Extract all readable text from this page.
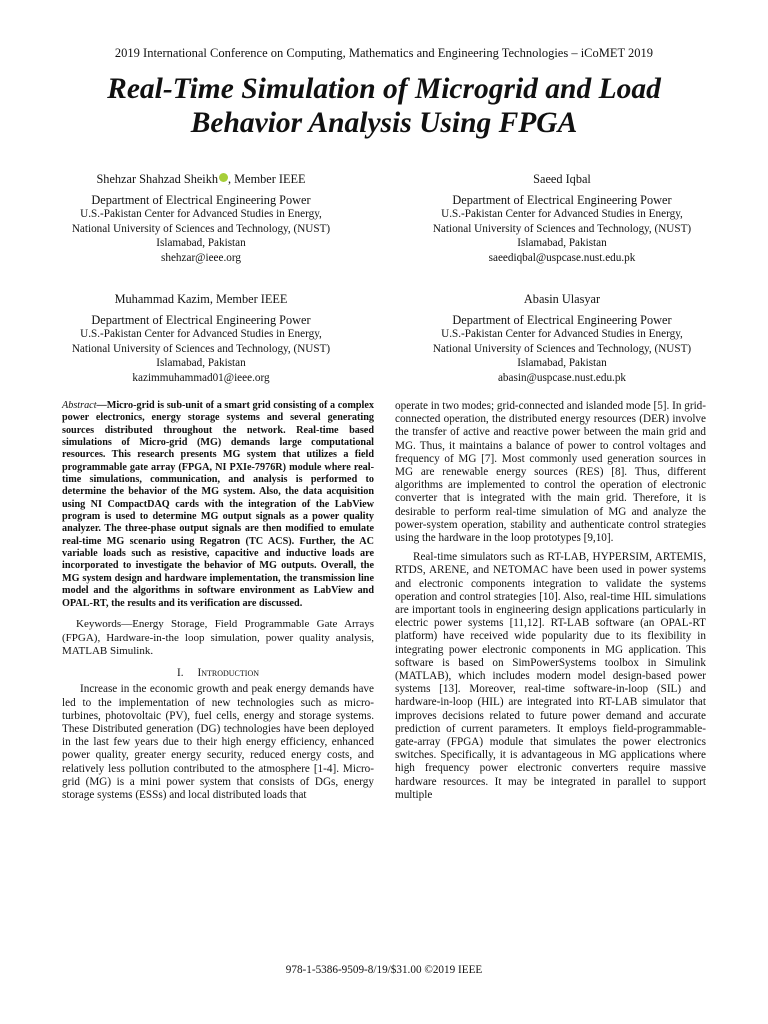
2019 International Conference on Computing, Mathematics and Engineering Technologies – iCoMET 2019
Real-Time Simulation of Microgrid and Load
Behavior Analysis Using FPGA
Shehzar Shahzad Sheikh , Member IEEE
Department of Electrical Engineering Power
U.S.-Pakistan Center for Advanced Studies in Energy,
National University of Sciences and Technology, (NUST)
Islamabad, Pakistan
shehzar@ieee.org
Saeed Iqbal
Department of Electrical Engineering Power
U.S.-Pakistan Center for Advanced Studies in Energy,
National University of Sciences and Technology, (NUST)
Islamabad, Pakistan
saeediqbal@uspcase.nust.edu.pk
Muhammad Kazim, Member IEEE
Department of Electrical Engineering Power
U.S.-Pakistan Center for Advanced Studies in Energy,
National University of Sciences and Technology, (NUST)
Islamabad, Pakistan
kazimmuhammad01@ieee.org
Abasin Ulasyar
Department of Electrical Engineering Power
U.S.-Pakistan Center for Advanced Studies in Energy,
National University of Sciences and Technology, (NUST)
Islamabad, Pakistan
abasin@uspcase.nust.edu.pk

Abstract—Micro-grid is sub-unit of a smart grid consisting of a complex power electronics, energy storage systems and several generating sources distributed throughout the network. Real-time based simulations of Micro-grid (MG) demands large computational resources. This research presents MG system that utilizes a field programmable gate array (FPGA, NI PXIe-7976R) module where real-time simulations, communication, and analysis is performed to determine the behavior of the MG system. Also, the data acquisition using NI CompactDAQ cards with the integration of the LabView program is used to determine MG output signals as a power quality analyzer. The three-phase output signals are then modified to emulate real-time MG scenario using Regatron (TC ACS). Further, the AC variable loads such as resistive, capacitive and inductive loads are incorporated to investigate the behavior of MG outputs. Overall, the MG system design and hardware implementation, the transmission line model and the algorithms in software environment as LabView and OPAL-RT, the results and its verification are discussed.

Keywords—Energy Storage, Field Programmable Gate Arrays (FPGA), Hardware-in-the loop simulation, power quality analysis, MATLAB Simulink.

I. Introduction

Increase in the economic growth and peak energy demands have led to the implementation of new technologies such as micro-turbines, photovoltaic (PV), fuel cells, energy and storage systems. These Distributed generation (DG) technologies have been deployed in the last few years due to their high energy efficiency, enhanced power quality, greater energy security, reduced energy costs, and relatively less pollution contributed to the atmosphere [1-4]. Micro-grid (MG) is a mini power system that consists of DGs, energy storage systems (ESSs) and local distributed loads that

operate in two modes; grid-connected and islanded mode [5]. In grid-connected operation, the distributed energy resources (DER) involve the transfer of active and reactive power between the main grid and MG. Thus, it maintains a balance of power to control voltages and frequency of MG [7]. Most commonly used generation sources in MG are renewable energy sources (RES) [8]. Thus, different algorithms are implemented to control the operation of electronic converter that is integrated with the main grid. Therefore, it is desirable to perform real-time simulation of MG and analyze the power-system operation, stability and authenticate control strategies using the hardware in the loop prototypes [9,10].

Real-time simulators such as RT-LAB, HYPERSIM, ARTEMIS, RTDS, ARENE, and NETOMAC have been used in power systems and electronic components integration to validate the systems operation and control strategies [10]. Also, real-time HIL simulations are important tools in engineering design applications particularly in electric power systems [11,12]. RT-LAB software (an OPAL-RT platform) have received wide popularity due to its flexibility in integrating power electronic components in MG application. This software is based on SimPowerSystems toolbox in Simulink (MATLAB), which includes modern model design-based power systems [13]. Moreover, real-time software-in-loop (SIL) and hardware-in-loop (HIL) are integrated into RT-LAB simulator that improves decisions related to future power demand and accurate prediction of current parameters. It employs field-programmable-gate-array (FPGA) module that simulates the power electronics switches. Specifically, it is advantageous in MG applications where high frequency power electronic converters require massive hardware resources. It may be integrated in parallel to support multiple

978-1-5386-9509-8/19/$31.00 ©2019 IEEE
